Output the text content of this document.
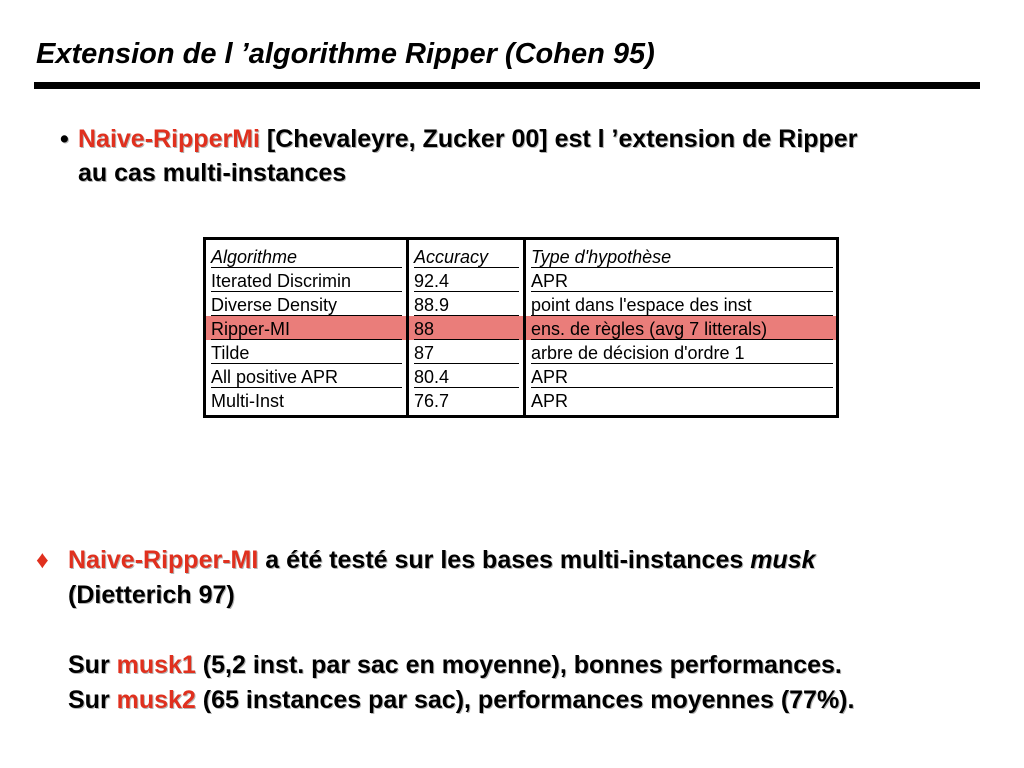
Extension de l ’algorithme Ripper (Cohen 95)
• Naive-RipperMi [Chevaleyre, Zucker 00] est l ’extension de Ripper
au cas multi-instances
Algorithme	Accuracy	Type d'hypothèse
Iterated Discrimin	92.4	APR
Diverse Density	88.9	point dans l'espace des inst
Ripper-MI	88	ens. de règles (avg 7 litterals)
Tilde	87	arbre de décision d'ordre 1
All positive APR	80.4	APR
Multi-Inst	76.7	APR
♦ Naive-Ripper-MI a été testé sur les bases multi-instances musk
(Dietterich 97)
Sur musk1 (5,2 inst. par sac en moyenne), bonnes performances.
Sur musk2 (65 instances par sac), performances moyennes (77%).
